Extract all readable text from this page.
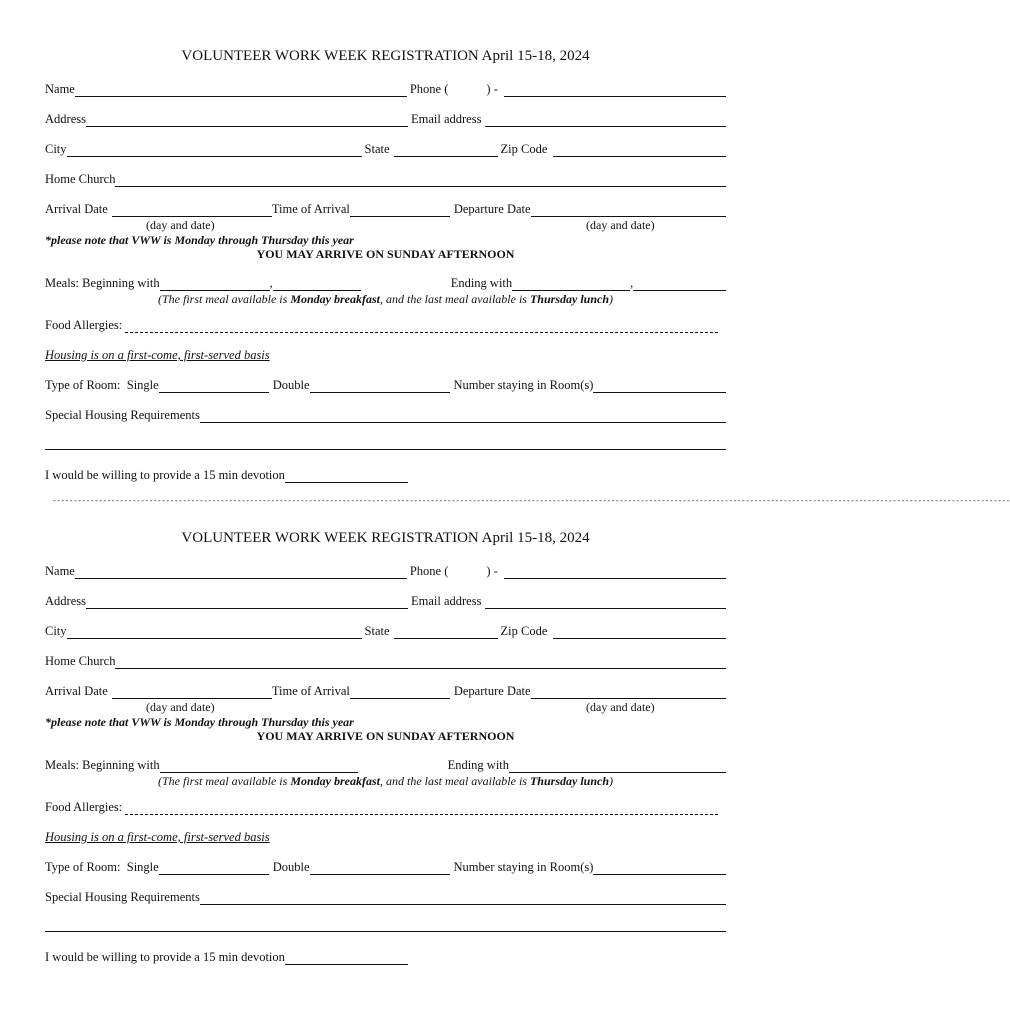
------------------------------------------------------------------------------------------------------------------------------------------------------------------------------------------------------------------------------------
VOLUNTEER WORK WEEK REGISTRATION April 15-18, 2024
Name	Phone (	) -
Address	Email address
City	State	Zip Code
Home Church
Arrival Date	Time of Arrival	Departure Date
(day and date)	(day and date)
*please note that VWW is Monday through Thursday this year
YOU MAY ARRIVE ON SUNDAY AFTERNOON
Meals: Beginning with	,	Ending with	,
(The first meal available is Monday breakfast, and the last meal available is Thursday lunch)
Food Allergies:
Housing is on a first-come, first-served basis
Type of Room:  Single	Double	Number staying in Room(s)
Special Housing Requirements
I would be willing to provide a 15 min devotion
VOLUNTEER WORK WEEK REGISTRATION April 15-18, 2024
Name	Phone (	) -
Address	Email address
City	State	Zip Code
Home Church
Arrival Date	Time of Arrival	Departure Date
(day and date)	(day and date)
*please note that VWW is Monday through Thursday this year
YOU MAY ARRIVE ON SUNDAY AFTERNOON
Meals: Beginning with	Ending with
(The first meal available is Monday breakfast, and the last meal available is Thursday lunch)
Food Allergies:
Housing is on a first-come, first-served basis
Type of Room:  Single	Double	Number staying in Room(s)
Special Housing Requirements
I would be willing to provide a 15 min devotion
